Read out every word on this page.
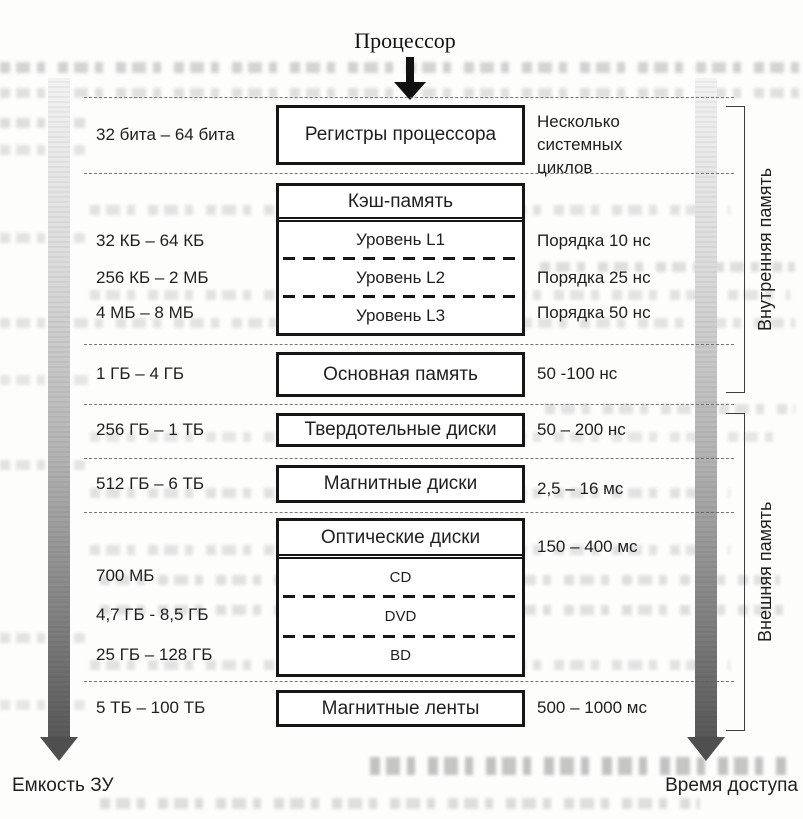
Процессор
Регистры процессора
Кэш-память
Уровень L1
Уровень L2
Уровень L3
Основная память
Твердотельные диски
Магнитные диски
Оптические диски
CD
DVD
BD
Магнитные ленты
32 бита – 64 бита
32 КБ – 64 КБ
256 КБ – 2 МБ
4 МБ – 8 МБ
1 ГБ – 4 ГБ
256 ГБ – 1 ТБ
512 ГБ – 6 ТБ
700 МБ
4,7 ГБ - 8,5 ГБ
25 ГБ – 128 ГБ
5 ТБ – 100 ТБ
Несколько
системных
циклов
Порядка 10 нс
Порядка 25 нс
Порядка 50 нс
50 -100 нс
50 – 200 нс
2,5 – 16 мс
150 – 400 мс
500 – 1000 мс
Внутренняя память
Внешняя память
Емкость ЗУ	Время доступа
